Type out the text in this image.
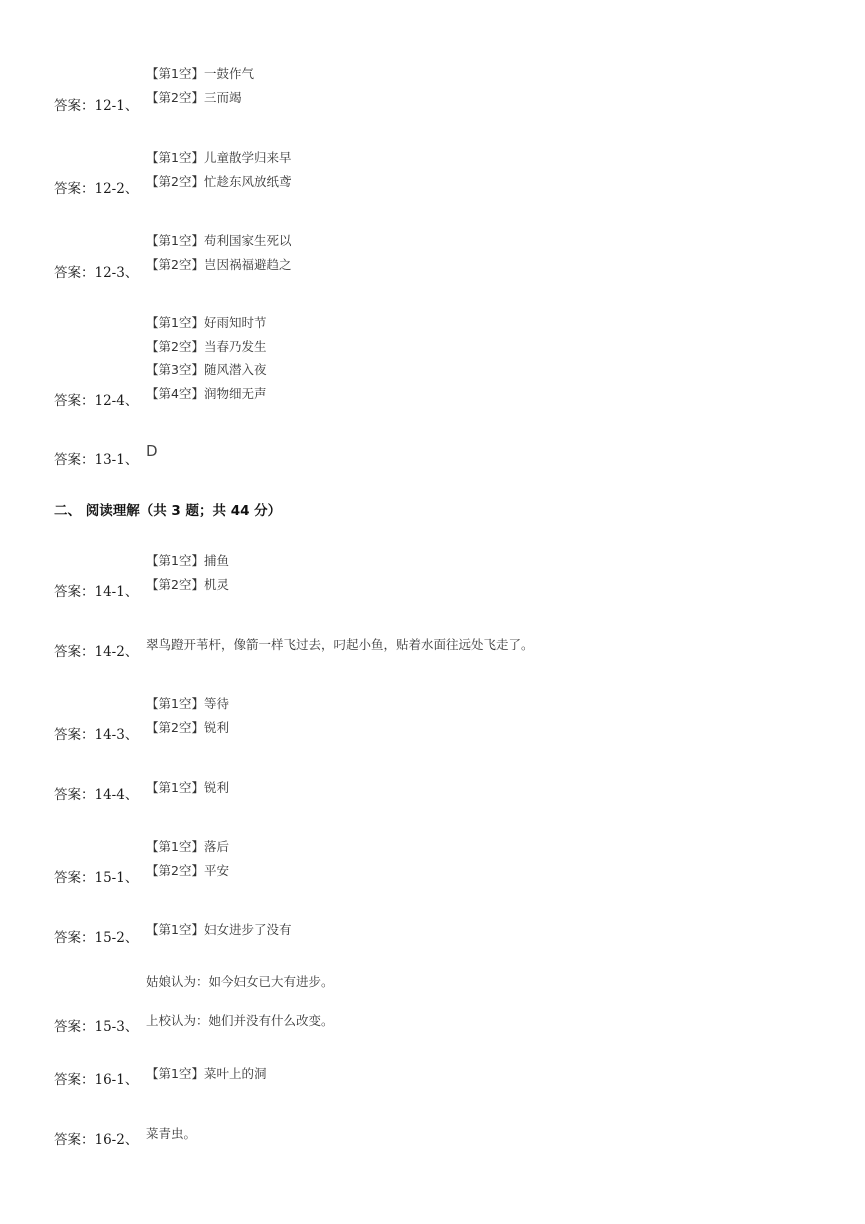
【第1空】一鼓作气
【第2空】三而竭
答案：12-1、
【第1空】儿童散学归来早
【第2空】忙趁东风放纸鸢
答案：12-2、
【第1空】苟利国家生死以
【第2空】岂因祸福避趋之
答案：12-3、
【第1空】好雨知时节
【第2空】当春乃发生
【第3空】随风潜入夜
【第4空】润物细无声
答案：12-4、
D
答案：13-1、
二、 阅读理解（共 3 题；共 44 分）
【第1空】捕鱼
【第2空】机灵
答案：14-1、
翠鸟蹬开苇杆，像箭一样飞过去，叼起小鱼，贴着水面往远处飞走了。
答案：14-2、
【第1空】等待
【第2空】锐利
答案：14-3、
【第1空】锐利
答案：14-4、
【第1空】落后
【第2空】平安
答案：15-1、
【第1空】妇女进步了没有
答案：15-2、
姑娘认为：如今妇女已大有进步。
上校认为：她们并没有什么改变。
答案：15-3、
【第1空】菜叶上的洞
答案：16-1、
菜青虫。
答案：16-2、
